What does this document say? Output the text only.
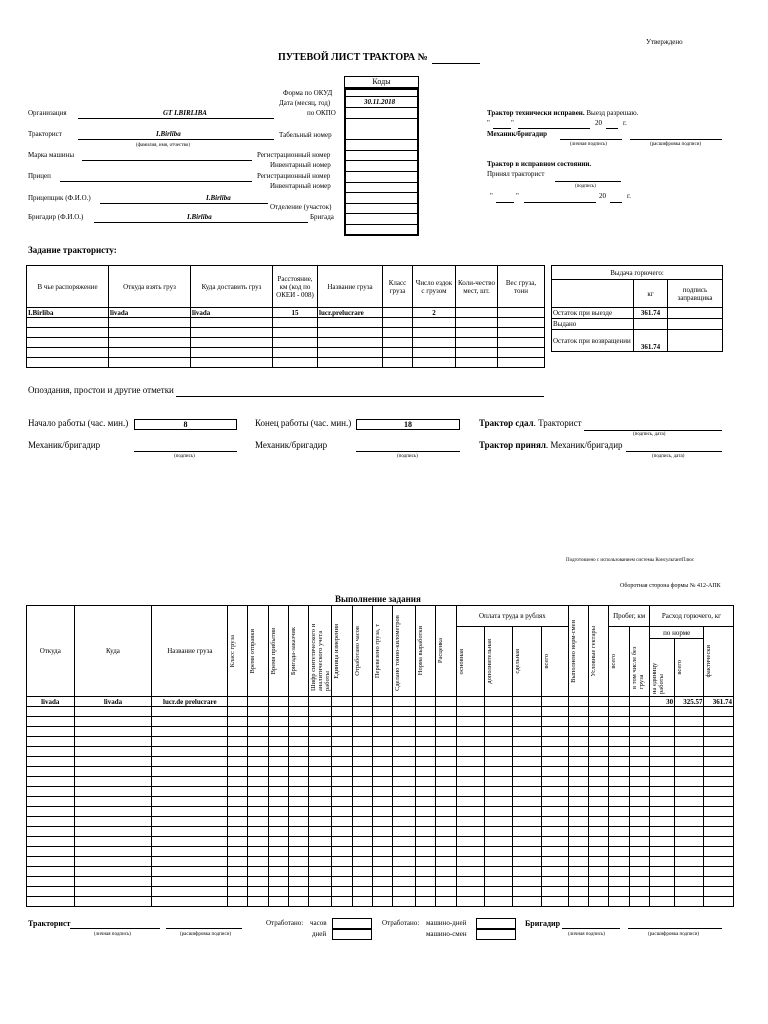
Утверждено
ПУТЕВОЙ ЛИСТ ТРАКТОРА №
Коды
30.11.2018
Форма по ОКУД
Дата (месяц, год)
по ОКПО
Табельный номер
Регистрационный номер
Инвентарный номер
Регистрационный номер
Инвентарный номер
Отделение (участок)
Бригада
Организация	GT I.BIRLIBA
Тракторист	I.Birliba
(фамилия, имя, отчество)
Марка машины
Прицеп
Прицепщик (Ф.И.О.)	I.Birliba
Бригадир (Ф.И.О.)	I.Birliba
Трактор технически исправен. Выезд разрешаю.
"	"	20	г.
Механик/бригадир
(личная подпись)	(расшифровка подписи)
Трактор в исправном состоянии.
Принял тракторист
(подпись)
"	"	20	г.
Задание трактористу:
В чье распоряжение	Откуда взять груз	Куда доставить груз	Расстояние, км (код по ОКЕИ - 008)	Название груза	Класс груза	Число ездок с грузом	Коли-чество мест, шт.	Вес груза, тонн
I.Birliba	livada	livada	15	lucr.prelucrare		2		

Выдача горючего:		
	кг	подпись заправщика
Остаток при выезде	361.74	
Выдано		
Остаток при возвращении	361.74	
Опоздания, простои и другие отметки
Начало работы (час. мин.)	8	Конец работы (час. мин.)	18	Трактор сдал. Тракторист
(подпись, дата)
Механик/бригадир
(подпись)
Механик/бригадир
(подпись)
Трактор принял. Механик/бригадир
(подпись, дата)
Подготовлено с использованием системы КонсультантПлюс
Оборотная сторона формы № 412-АПК
Выполнение задания
Откуда	Куда	Название груза	Класс груза	Время отправки	Время прибытия	Бригада-заказчик	Шифр синтетического и аналитического учета работы	Единица измерения	Отработано часов	Перевезено груза, т	Сделано тонно-километров	Норма выработки	Расценка	Оплата труда в рублях				Выполнено норм-смен	Условные гектары	Пробег, км		Расход горючего, кг		

														основная	дополнительная	сдельная	всего			всего	в том числе без груза	по норме		фактически

																						на единицу работы	всего	

livada	livada	lucr.de prelucrare																				30	325.57	361.74

Тракторист
(личная подпись)	(расшифровка подписи)
Отработано: часов
дней
Отработано: машино-дней
машино-смен
Бригадир
(личная подпись)	(расшифровка подписи)
